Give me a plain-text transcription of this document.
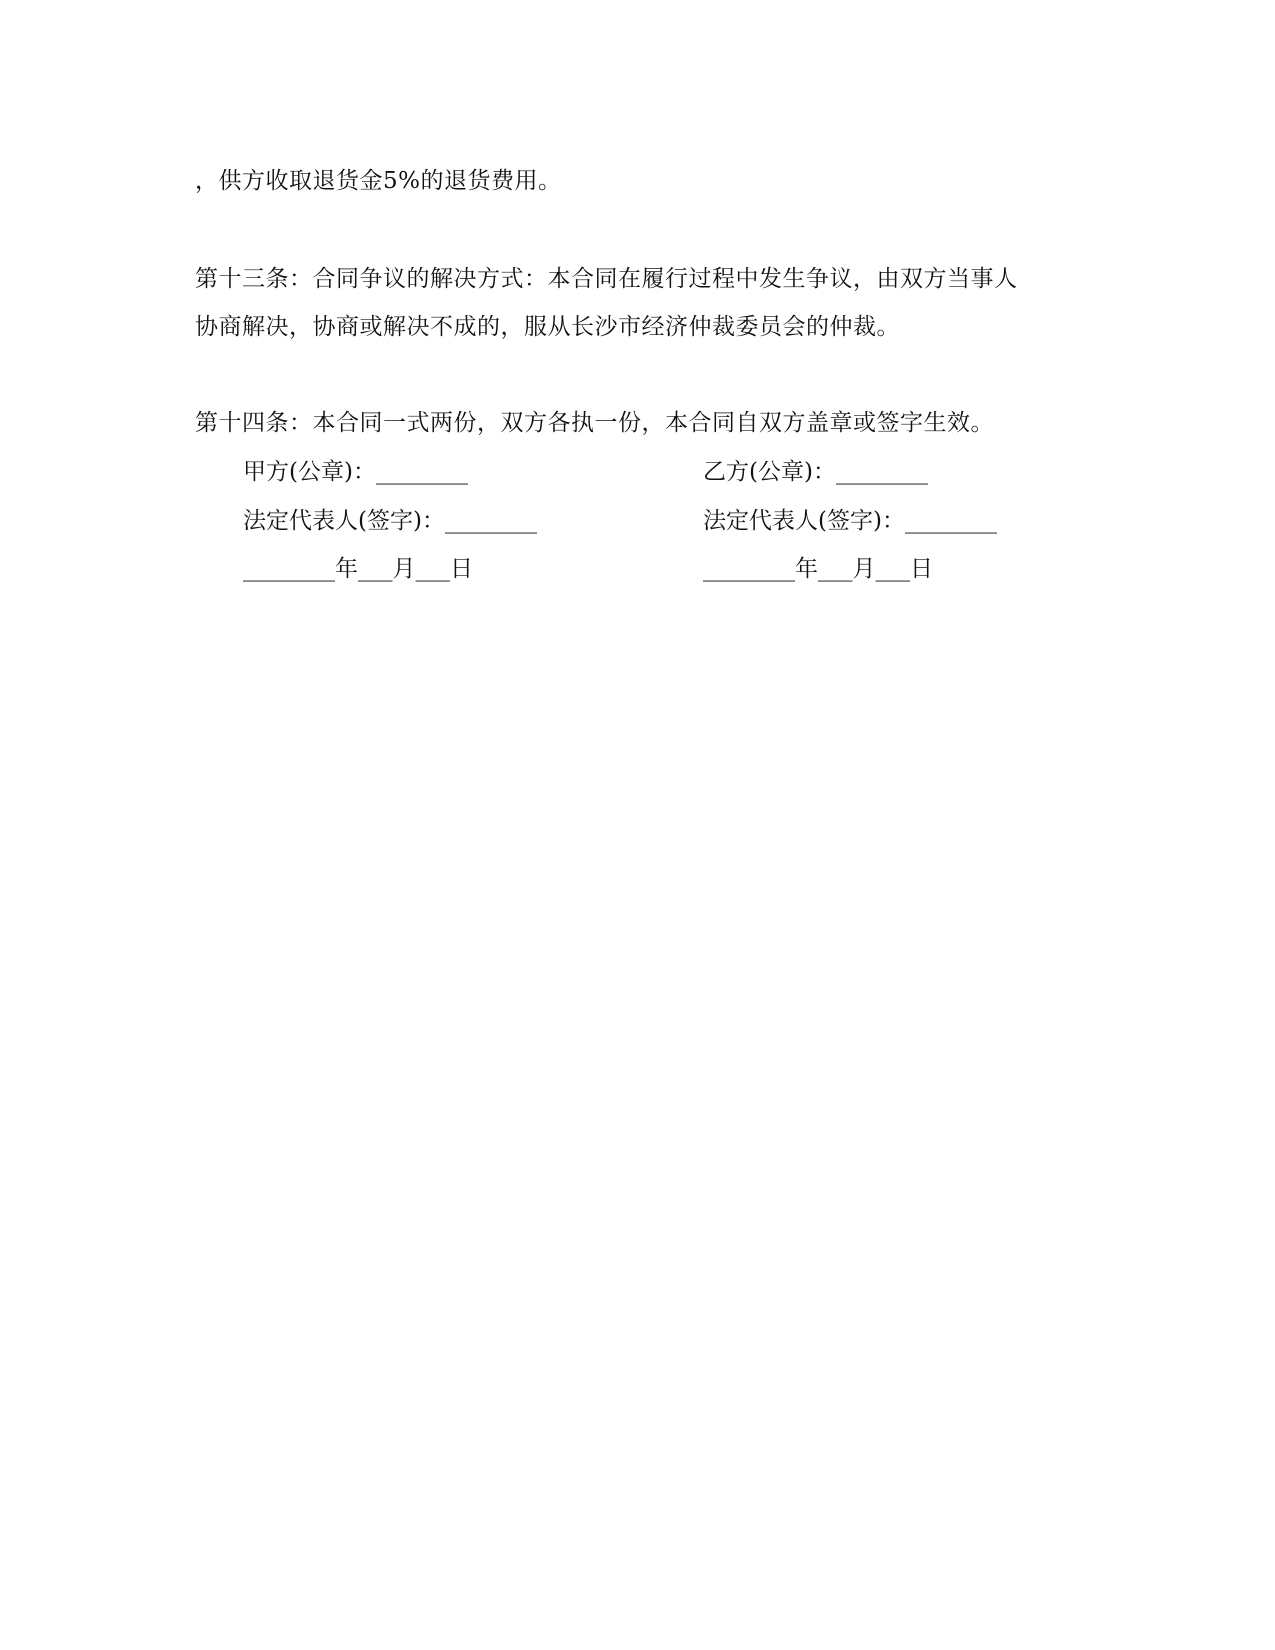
，供方收取退货金5%的退货费用。
第十三条：合同争议的解决方式：本合同在履行过程中发生争议，由双方当事人
协商解决，协商或解决不成的，服从长沙市经济仲裁委员会的仲裁。
第十四条：本合同一式两份，双方各执一份，本合同自双方盖章或签字生效。
甲方(公章)：________	乙方(公章)：________
法定代表人(签字)：________	法定代表人(签字)：________
________年___月___日	________年___月___日
